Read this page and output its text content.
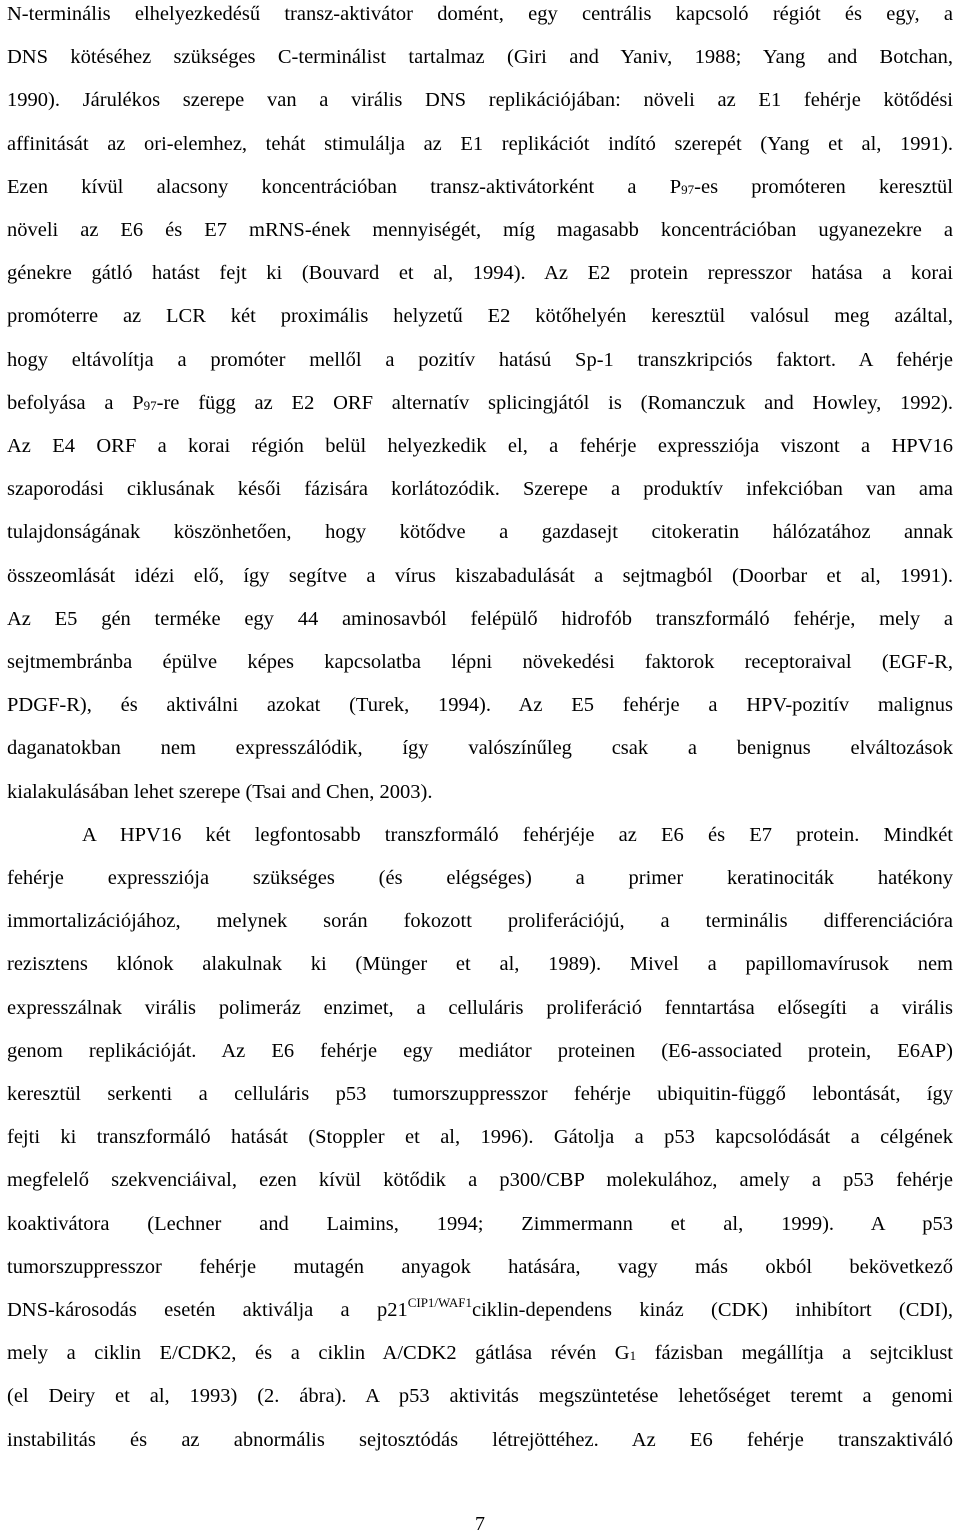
N-terminális elhelyezkedésű transz-aktivátor domént, egy centrális kapcsoló régiót és egy, a
DNS kötéséhez szükséges C-terminálist tartalmaz (Giri and Yaniv, 1988; Yang and Botchan,
1990). Járulékos szerepe van a virális DNS replikációjában: növeli az E1 fehérje kötődési
affinitását az ori-elemhez, tehát stimulálja az E1 replikációt indító szerepét (Yang et al, 1991).
Ezen kívül alacsony koncentrációban transz-aktivátorként a $P_{97}-es$ promóteren keresztül
növeli az E6 és E7 mRNS-ének mennyiségét, míg magasabb koncentrációban ugyanezekre a
génekre gátló hatást fejt ki (Bouvard et al, 1994). Az E2 protein represszor hatása a korai
promóterre az LCR két proximális helyzetű E2 kötőhelyén keresztül valósul meg azáltal,
hogy eltávolítja a promóter mellől a pozitív hatású Sp-1 transzkripciós faktort. A fehérje
befolyása a $P_{97}-re$ függ az E2 ORF alternatív splicingjától is (Romanczuk and Howley, 1992).
Az E4 ORF a korai régión belül helyezkedik el, a fehérje expressziója viszont a HPV16
szaporodási ciklusának késői fázisára korlátozódik. Szerepe a produktív infekcióban van ama
tulajdonságának köszönhetően, hogy kötődve a gazdasejt citokeratin hálózatához annak
összeomlását idézi elő, így segítve a vírus kiszabadulását a sejtmagból (Doorbar et al, 1991).
Az E5 gén terméke egy 44 aminosavból felépülő hidrofób transzformáló fehérje, mely a
sejtmembránba épülve képes kapcsolatba lépni növekedési faktorok receptoraival (EGF-R,
PDGF-R), és aktiválni azokat (Turek, 1994). Az E5 fehérje a HPV-pozitív malignus
daganatokban nem expresszálódik, így valószínűleg csak a benignus elváltozások
kialakulásában lehet szerepe (Tsai and Chen, 2003).
A HPV16 két legfontosabb transzformáló fehérjéje az E6 és E7 protein. Mindkét
fehérje expressziója szükséges (és elégséges) a primer keratinociták hatékony
immortalizációjához, melynek során fokozott proliferációjú, a terminális differenciációra
rezisztens klónok alakulnak ki (Münger et al, 1989). Mivel a papillomavírusok nem
expresszálnak virális polimeráz enzimet, a celluláris proliferáció fenntartása elősegíti a virális
genom replikációját. Az E6 fehérje egy mediátor proteinen (E6-associated protein, E6AP)
keresztül serkenti a celluláris p53 tumorszuppresszor fehérje ubiquitin-függő lebontását, így
fejti ki transzformáló hatását (Stoppler et al, 1996). Gátolja a p53 kapcsolódását a célgének
megfelelő szekvenciáival, ezen kívül kötődik a p300/CBP molekulához, amely a p53 fehérje
koaktivátora (Lechner and Laimins, 1994; Zimmermann et al, 1999). A p53
tumorszuppresszor fehérje mutagén anyagok hatására, vagy más okból bekövetkező
DNS-károsodás esetén aktiválja a $p21^{CIP1/WAF1}ciklin$-dependens kináz (CDK) inhibítort (CDI),
mely a ciklin E/CDK2, és a ciklin A/CDK2 gátlása révén $G_1$ fázisban megállítja a sejtciklust
(el Deiry et al, 1993) (2. ábra). A p53 aktivitás megszüntetése lehetőséget teremt a genomi
instabilitás és az abnormális sejtosztódás létrejöttéhez. Az E6 fehérje transzaktiváló
7
